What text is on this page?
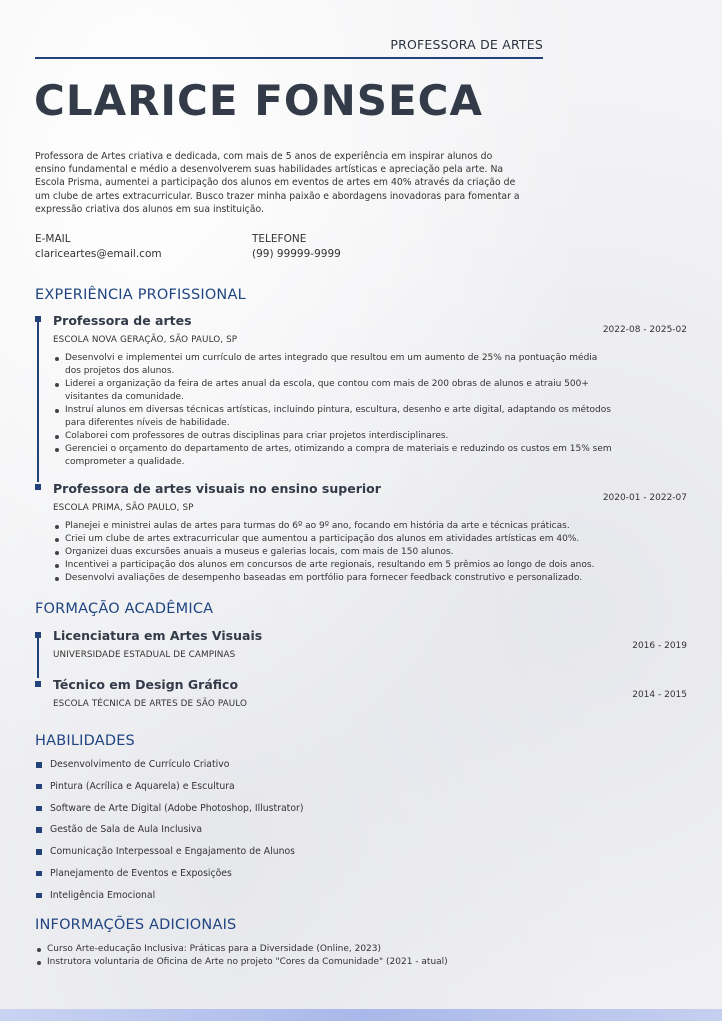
PROFESSORA DE ARTES
CLARICE FONSECA
Professora de Artes criativa e dedicada, com mais de 5 anos de experiência em inspirar alunos do ensino fundamental e médio a desenvolverem suas habilidades artísticas e apreciação pela arte. Na Escola Prisma, aumentei a participação dos alunos em eventos de artes em 40% através da criação de um clube de artes extracurricular. Busco trazer minha paixão e abordagens inovadoras para fomentar a expressão criativa dos alunos em sua instituição.
E-MAIL
clariceartes@email.com
TELEFONE
(99) 99999-9999
EXPERIÊNCIA PROFISSIONAL
Professora de artes
2022-08 - 2025-02
ESCOLA NOVA GERAÇÃO, SÃO PAULO, SP
Desenvolvi e implementei um currículo de artes integrado que resultou em um aumento de 25% na pontuação média dos projetos dos alunos.
Liderei a organização da feira de artes anual da escola, que contou com mais de 200 obras de alunos e atraiu 500+ visitantes da comunidade.
Instruí alunos em diversas técnicas artísticas, incluindo pintura, escultura, desenho e arte digital, adaptando os métodos para diferentes níveis de habilidade.
Colaborei com professores de outras disciplinas para criar projetos interdisciplinares.
Gerenciei o orçamento do departamento de artes, otimizando a compra de materiais e reduzindo os custos em 15% sem comprometer a qualidade.
Professora de artes visuais no ensino superior
2020-01 - 2022-07
ESCOLA PRIMA, SÃO PAULO, SP
Planejei e ministrei aulas de artes para turmas do 6º ao 9º ano, focando em história da arte e técnicas práticas.
Criei um clube de artes extracurricular que aumentou a participação dos alunos em atividades artísticas em 40%.
Organizei duas excursões anuais a museus e galerias locais, com mais de 150 alunos.
Incentivei a participação dos alunos em concursos de arte regionais, resultando em 5 prêmios ao longo de dois anos.
Desenvolvi avaliações de desempenho baseadas em portfólio para fornecer feedback construtivo e personalizado.
FORMAÇÃO ACADÊMICA
Licenciatura em Artes Visuais
2016 - 2019
UNIVERSIDADE ESTADUAL DE CAMPINAS
Técnico em Design Gráfico
2014 - 2015
ESCOLA TÉCNICA DE ARTES DE SÃO PAULO
HABILIDADES
Desenvolvimento de Currículo Criativo
Pintura (Acrílica e Aquarela) e Escultura
Software de Arte Digital (Adobe Photoshop, Illustrator)
Gestão de Sala de Aula Inclusiva
Comunicação Interpessoal e Engajamento de Alunos
Planejamento de Eventos e Exposições
Inteligência Emocional
INFORMAÇÕES ADICIONAIS
Curso Arte-educação Inclusiva: Práticas para a Diversidade (Online, 2023)
Instrutora voluntaria de Oficina de Arte no projeto "Cores da Comunidade" (2021 - atual)
